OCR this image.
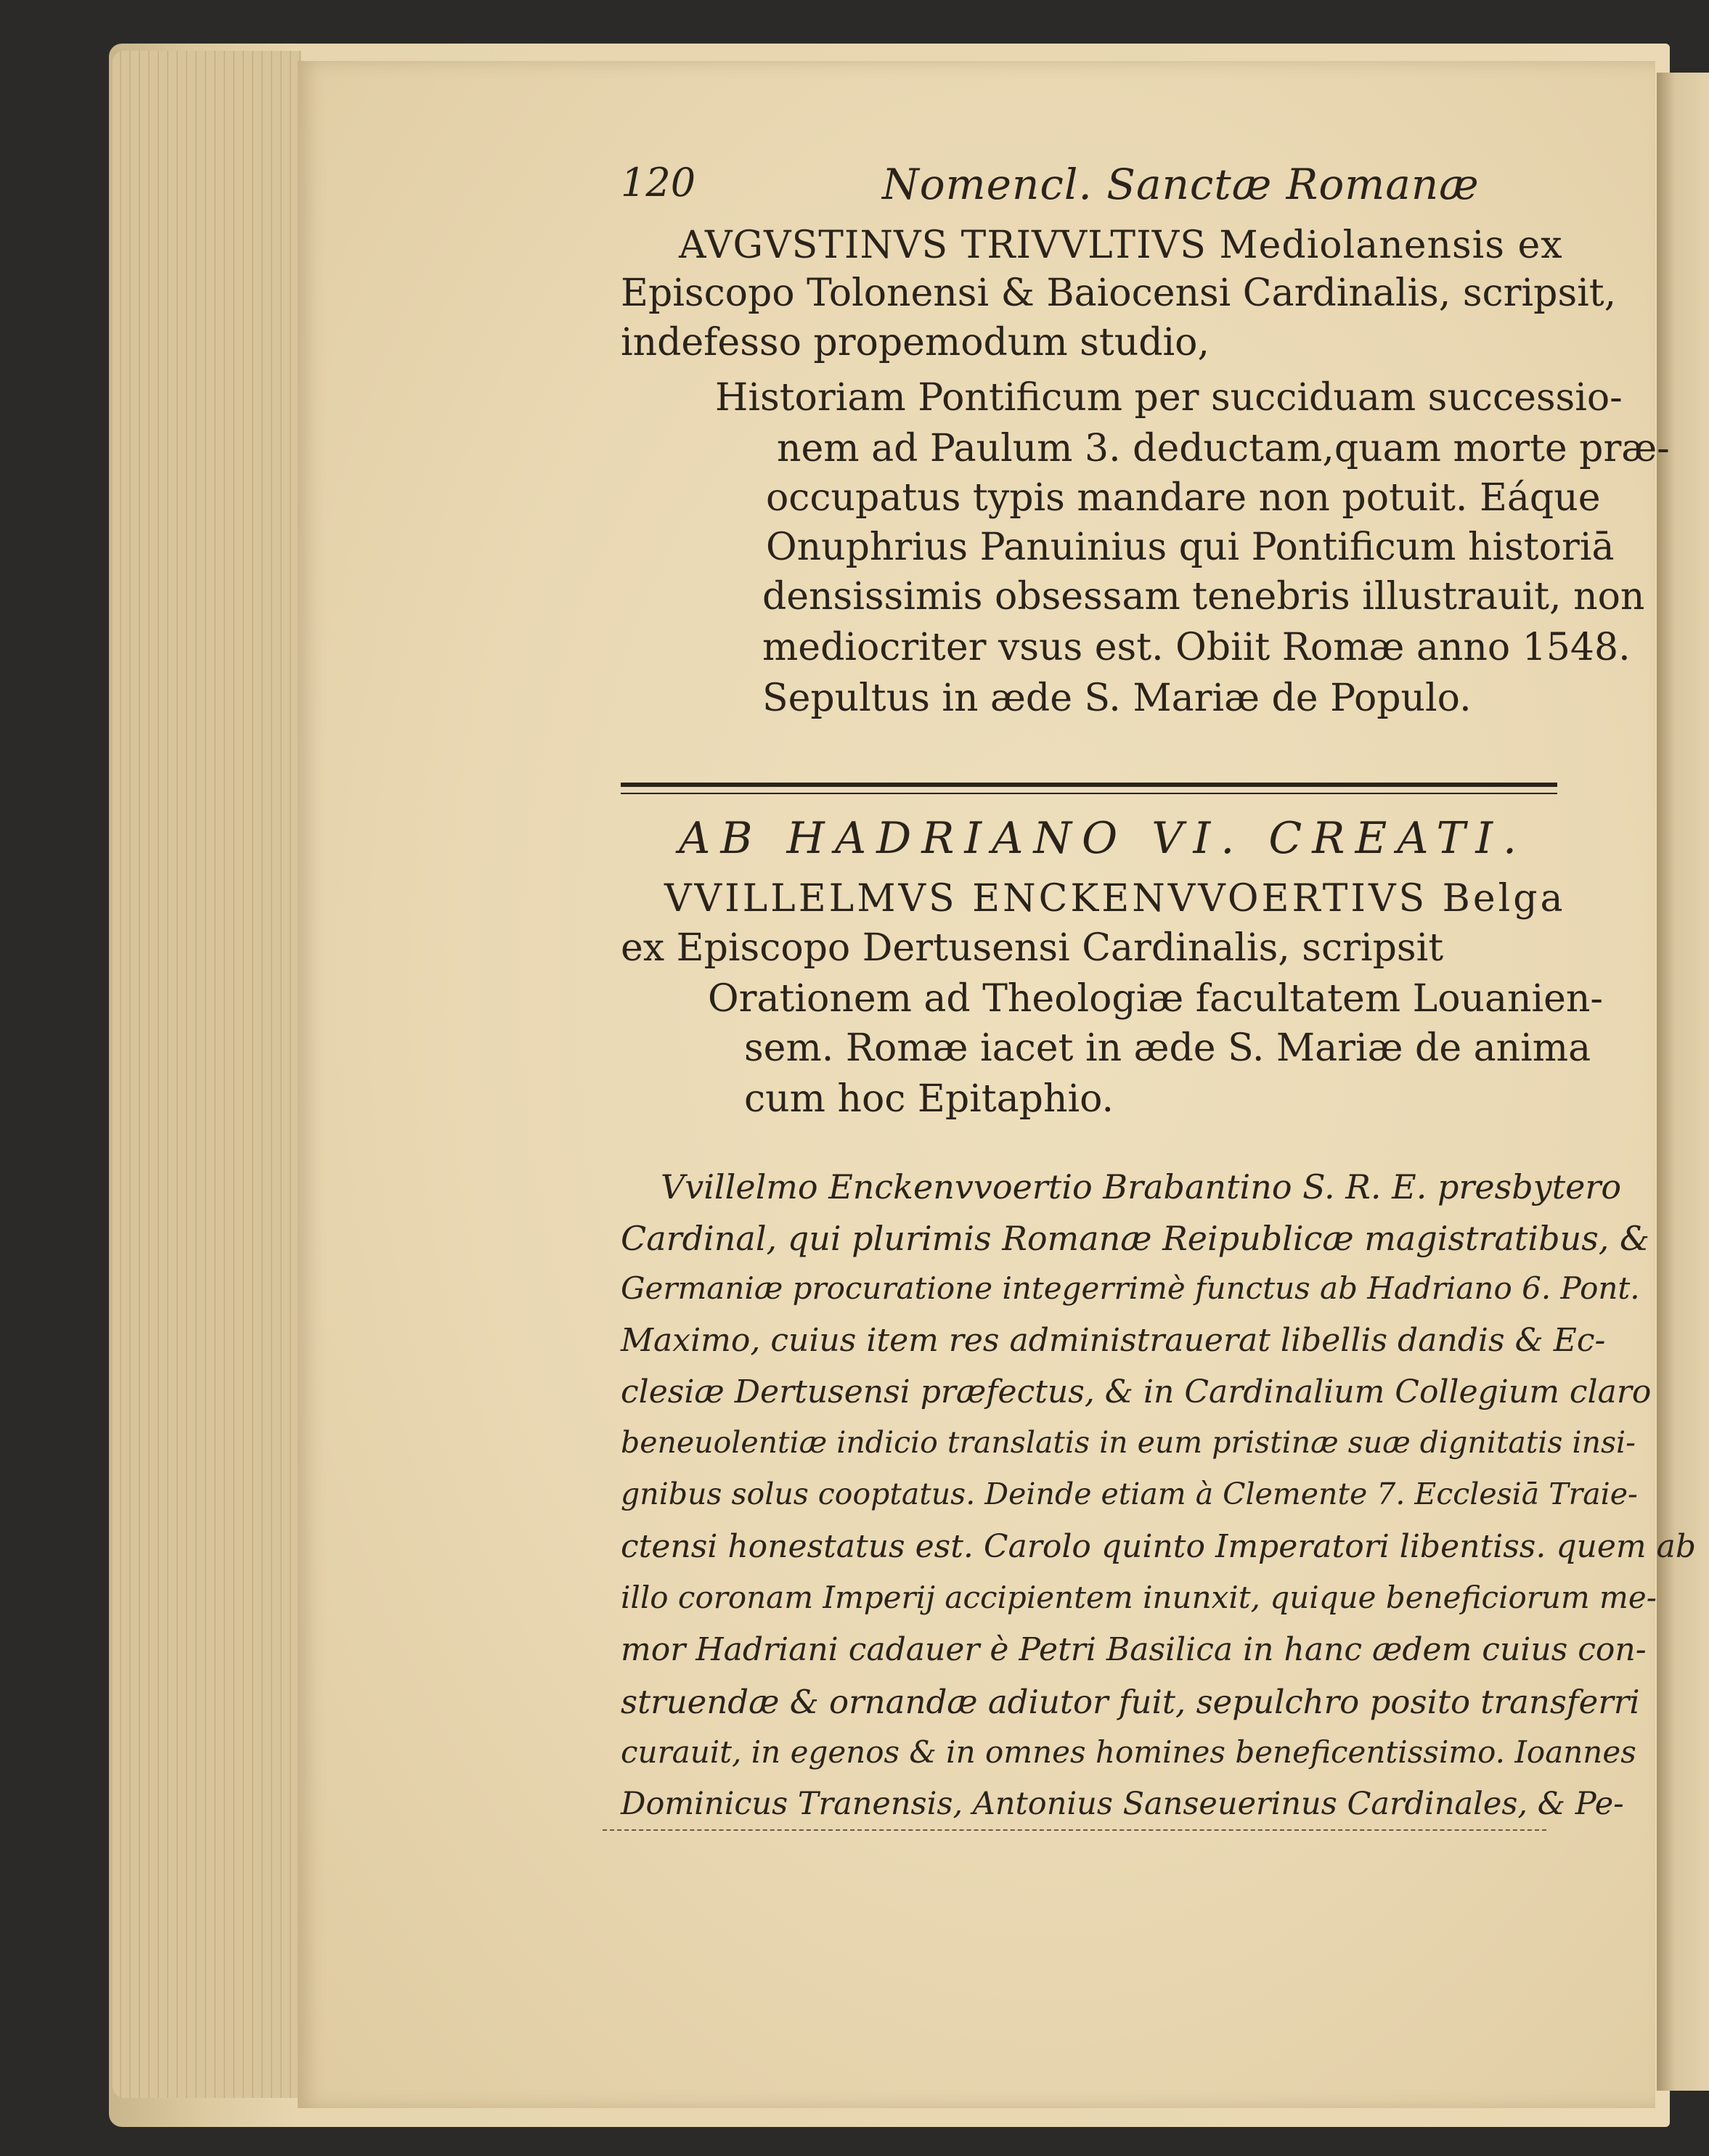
120	Nomencl. Sanctæ Romanæ
AVGVSTINVS TRIVVLTIVS Mediolanensis ex
Episcopo Tolonensi & Baiocensi Cardinalis, scripsit,
indefesso propemodum studio,
Historiam Pontificum per succiduam successio-
nem ad Paulum 3. deductam,quam morte præ-
occupatus typis mandare non potuit. Eáque
Onuphrius Panuinius qui Pontificum historiā
densissimis obsessam tenebris illustrauit, non
mediocriter vsus est. Obiit Romæ anno 1548.
Sepultus in æde S. Mariæ de Populo.
AB HADRIANO VI. CREATI.
VVILLELMVS ENCKENVVOERTIVS Belga
ex Episcopo Dertusensi Cardinalis, scripsit
Orationem ad Theologiæ facultatem Louanien-
sem. Romæ iacet in æde S. Mariæ de anima
cum hoc Epitaphio.
Vvillelmo Enckenvvoertio Brabantino S. R. E. presbytero
Cardinal, qui plurimis Romanæ Reipublicæ magistratibus, &
Germaniæ procuratione integerrimè functus ab Hadriano 6. Pont.
Maximo, cuius item res administrauerat libellis dandis & Ec-
clesiæ Dertusensi præfectus, & in Cardinalium Collegium claro
beneuolentiæ indicio translatis in eum pristinæ suæ dignitatis insi-
gnibus solus cooptatus. Deinde etiam à Clemente 7. Ecclesiā Traie-
ctensi honestatus est. Carolo quinto Imperatori libentiss. quem ab
illo coronam Imperij accipientem inunxit, quique beneficiorum me-
mor Hadriani cadauer è Petri Basilica in hanc ædem cuius con-
struendæ & ornandæ adiutor fuit, sepulchro posito transferri
curauit, in egenos & in omnes homines beneficentissimo. Ioannes
Dominicus Tranensis, Antonius Sanseuerinus Cardinales, & Pe-
